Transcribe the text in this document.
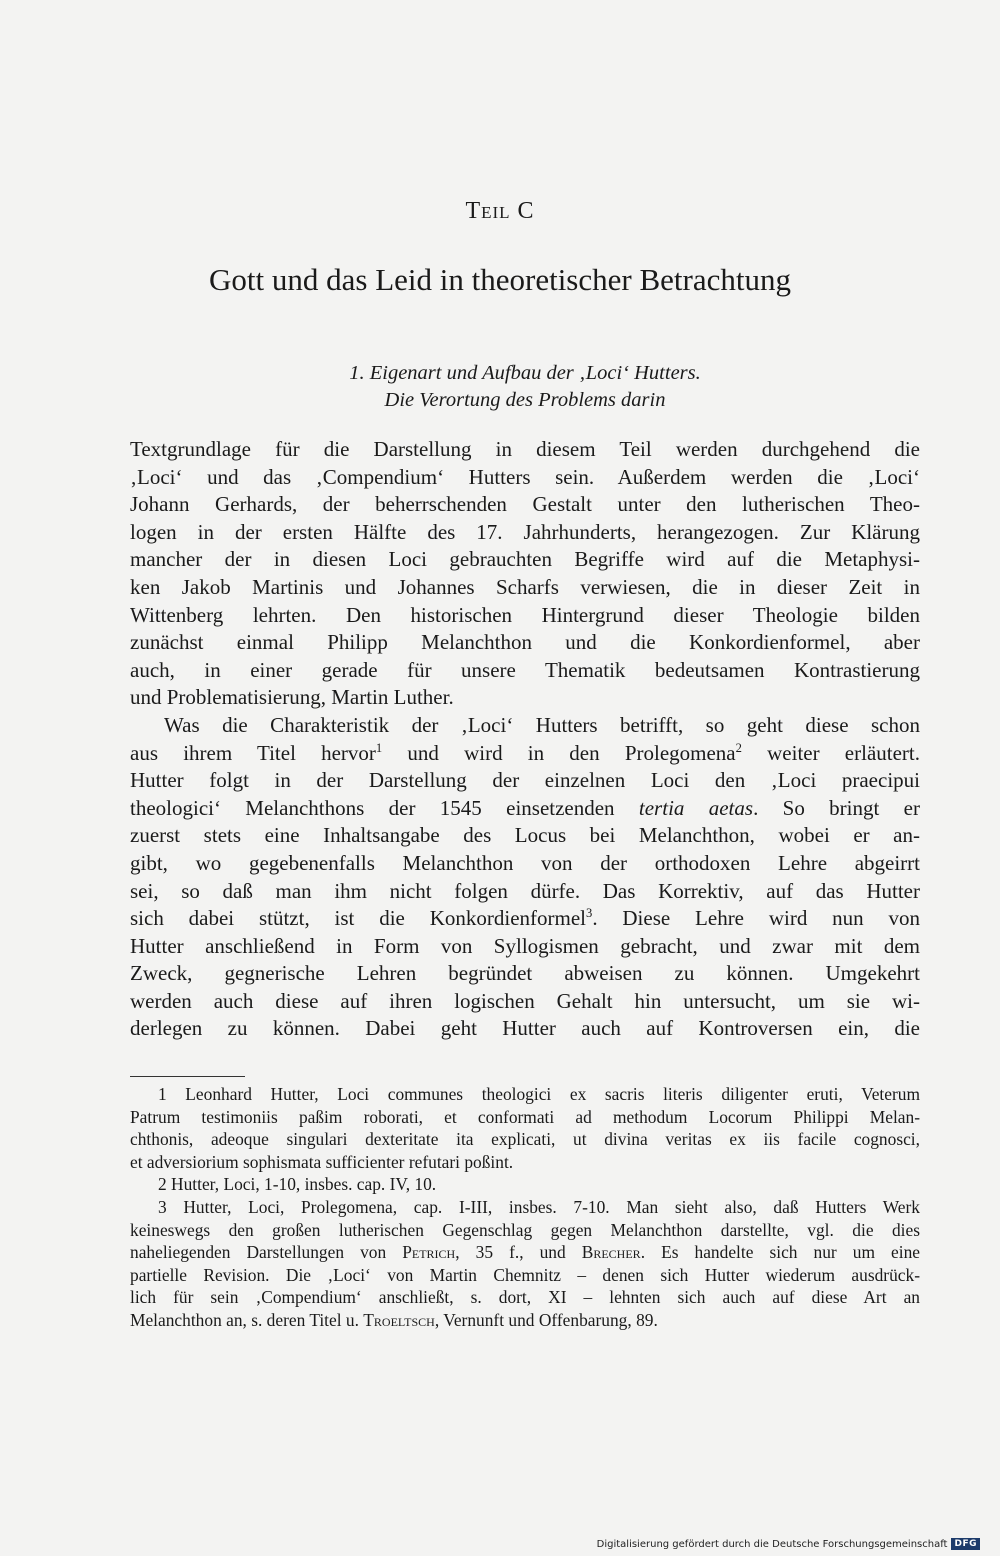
Teil C
Gott und das Leid in theoretischer Betrachtung
1. Eigenart und Aufbau der ‚Loci‘ Hutters.
Die Verortung des Problems darin
Textgrundlage für die Darstellung in diesem Teil werden durchgehend die
‚Loci‘ und das ‚Compendium‘ Hutters sein. Außerdem werden die ‚Loci‘
Johann Gerhards, der beherrschenden Gestalt unter den lutherischen Theo-
logen in der ersten Hälfte des 17. Jahrhunderts, herangezogen. Zur Klärung
mancher der in diesen Loci gebrauchten Begriffe wird auf die Metaphysi-
ken Jakob Martinis und Johannes Scharfs verwiesen, die in dieser Zeit in
Wittenberg lehrten. Den historischen Hintergrund dieser Theologie bilden
zunächst einmal Philipp Melanchthon und die Konkordienformel, aber
auch, in einer gerade für unsere Thematik bedeutsamen Kontrastierung
und Problematisierung, Martin Luther.
Was die Charakteristik der ‚Loci‘ Hutters betrifft, so geht diese schon
aus ihrem Titel hervor$^1$ und wird in den Prolegomena$^2$ weiter erläutert.
Hutter folgt in der Darstellung der einzelnen Loci den ‚Loci praecipui
theologici‘ Melanchthons der 1545 einsetzenden tertia aetas. So bringt er
zuerst stets eine Inhaltsangabe des Locus bei Melanchthon, wobei er an-
gibt, wo gegebenenfalls Melanchthon von der orthodoxen Lehre abgeirrt
sei, so daß man ihm nicht folgen dürfe. Das Korrektiv, auf das Hutter
sich dabei stützt, ist die Konkordienformel$^3$. Diese Lehre wird nun von
Hutter anschließend in Form von Syllogismen gebracht, und zwar mit dem
Zweck, gegnerische Lehren begründet abweisen zu können. Umgekehrt
werden auch diese auf ihren logischen Gehalt hin untersucht, um sie wi-
derlegen zu können. Dabei geht Hutter auch auf Kontroversen ein, die
1 Leonhard Hutter, Loci communes theologici ex sacris literis diligenter eruti, Veterum
Patrum testimoniis paßim roborati, et conformati ad methodum Locorum Philippi Melan-
chthonis, adeoque singulari dexteritate ita explicati, ut divina veritas ex iis facile cognosci,
et adversiorium sophismata sufficienter refutari poßint.
2 Hutter, Loci, 1-10, insbes. cap. IV, 10.
3 Hutter, Loci, Prolegomena, cap. I-III, insbes. 7-10. Man sieht also, daß Hutters Werk
keineswegs den großen lutherischen Gegenschlag gegen Melanchthon darstellte, vgl. die dies
naheliegenden Darstellungen von Petrich, 35 f., und Brecher. Es handelte sich nur um eine
partielle Revision. Die ‚Loci‘ von Martin Chemnitz – denen sich Hutter wiederum ausdrück-
lich für sein ‚Compendium‘ anschließt, s. dort, XI – lehnten sich auch auf diese Art an
Melanchthon an, s. deren Titel u. Troeltsch, Vernunft und Offenbarung, 89.
Digitalisierung gefördert durch die Deutsche Forschungsgemeinschaft DFG
